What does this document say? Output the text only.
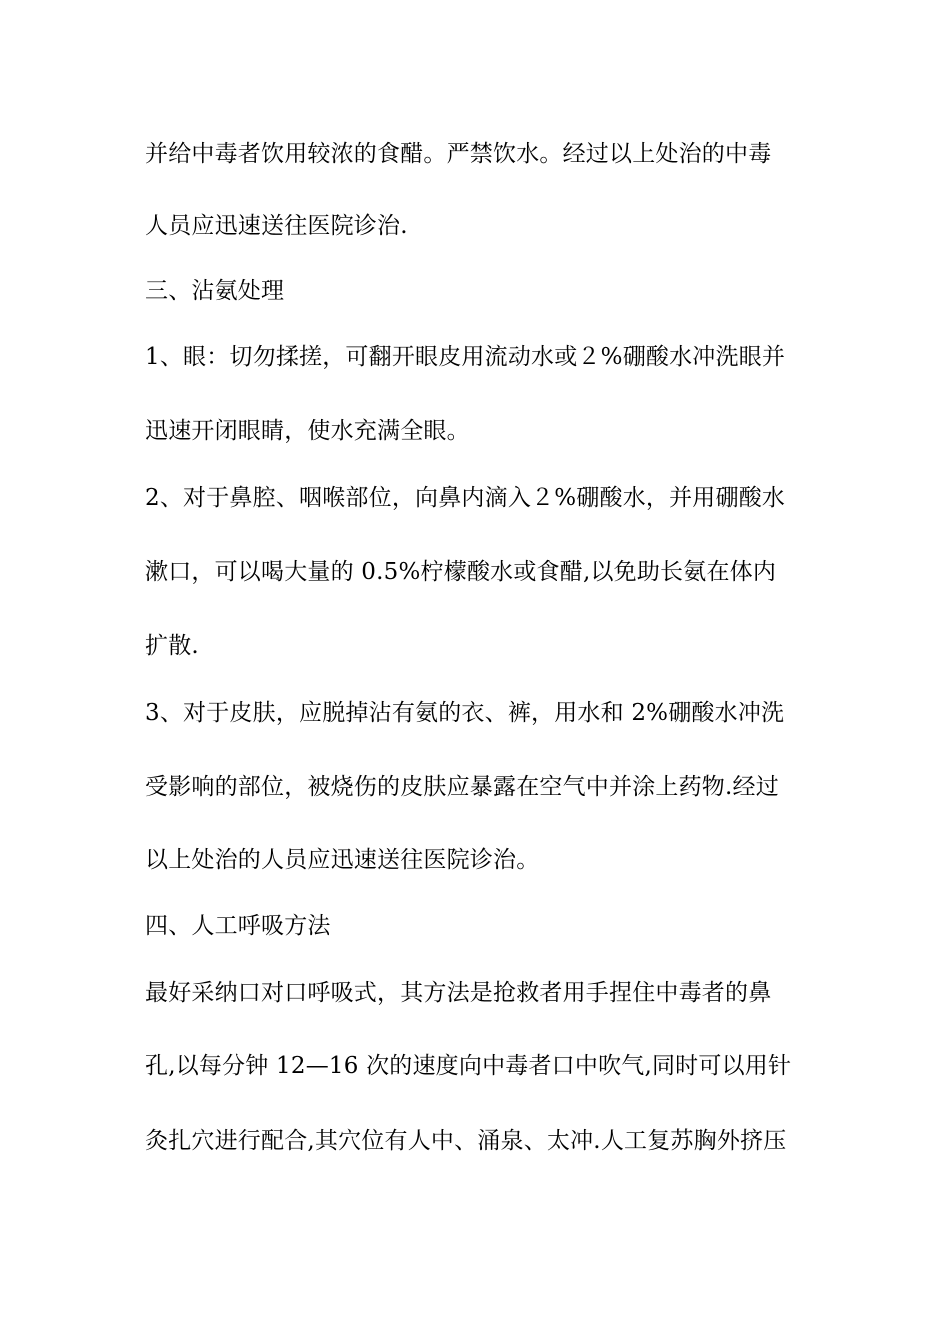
并给中毒者饮用较浓的食醋。严禁饮水。经过以上处治的中毒
人员应迅速送往医院诊治.
三、沾氨处理
1、眼：切勿揉搓，可翻开眼皮用流动水或２%硼酸水冲洗眼并
迅速开闭眼睛，使水充满全眼。
2、对于鼻腔、咽喉部位，向鼻内滴入２%硼酸水，并用硼酸水
漱口，可以喝大量的 0.5%柠檬酸水或食醋,以免助长氨在体内
扩散.
3、对于皮肤，应脱掉沾有氨的衣、裤，用水和 2%硼酸水冲洗
受影响的部位，被烧伤的皮肤应暴露在空气中并涂上药物.经过
以上处治的人员应迅速送往医院诊治。
四、人工呼吸方法
最好采纳口对口呼吸式，其方法是抢救者用手捏住中毒者的鼻
孔,以每分钟 12—16 次的速度向中毒者口中吹气,同时可以用针
灸扎穴进行配合,其穴位有人中、涌泉、太冲.人工复苏胸外挤压
